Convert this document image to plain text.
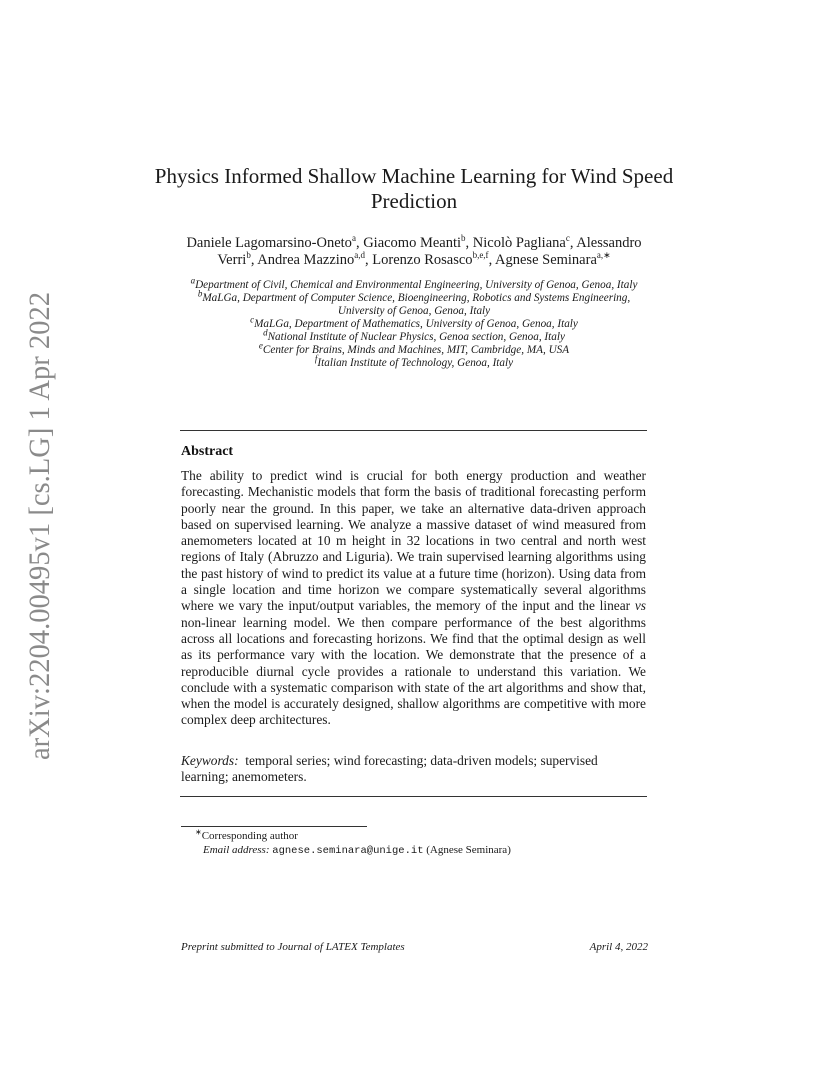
arXiv:2204.00495v1 [cs.LG] 1 Apr 2022
Physics Informed Shallow Machine Learning for Wind Speed Prediction
Daniele Lagomarsino-Oneto$^a$, Giacomo Meanti$^b$, Nicolò Pagliana$^c$, Alessandro Verri$^b$, Andrea Mazzino$^{a,d}$, Lorenzo Rosasco$^{b,e,f}$, Agnese Seminara$^{a,∗}$
$^a$Department of Civil, Chemical and Environmental Engineering, University of Genoa, Genoa, Italy
$^b$MaLGa, Department of Computer Science, Bioengineering, Robotics and Systems Engineering, University of Genoa, Genoa, Italy
$^c$MaLGa, Department of Mathematics, University of Genoa, Genoa, Italy
$^d$National Institute of Nuclear Physics, Genoa section, Genoa, Italy
$^e$Center for Brains, Minds and Machines, MIT, Cambridge, MA, USA
$^f$Italian Institute of Technology, Genoa, Italy
Abstract

The ability to predict wind is crucial for both energy production and weather forecasting. Mechanistic models that form the basis of traditional forecasting perform poorly near the ground. In this paper, we take an alternative data-driven approach based on supervised learning. We analyze a massive dataset of wind measured from anemometers located at 10 m height in 32 locations in two central and north west regions of Italy (Abruzzo and Liguria). We train supervised learning algorithms using the past history of wind to predict its value at a future time (horizon). Using data from a single location and time horizon we compare systematically several algorithms where we vary the input/output variables, the memory of the input and the linear vs non-linear learning model. We then compare performance of the best algorithms across all locations and forecasting horizons. We find that the optimal design as well as its performance vary with the location. We demonstrate that the presence of a reproducible diurnal cycle provides a rationale to understand this variation. We conclude with a systematic comparison with state of the art algorithms and show that, when the model is accurately designed, shallow algorithms are competitive with more complex deep architectures.

Keywords: temporal series; wind forecasting; data-driven models; supervised learning; anemometers.

∗Corresponding author
Email address: agnese.seminara@unige.it (Agnese Seminara)
Preprint submitted to Journal of LATEX Templates	April 4, 2022
